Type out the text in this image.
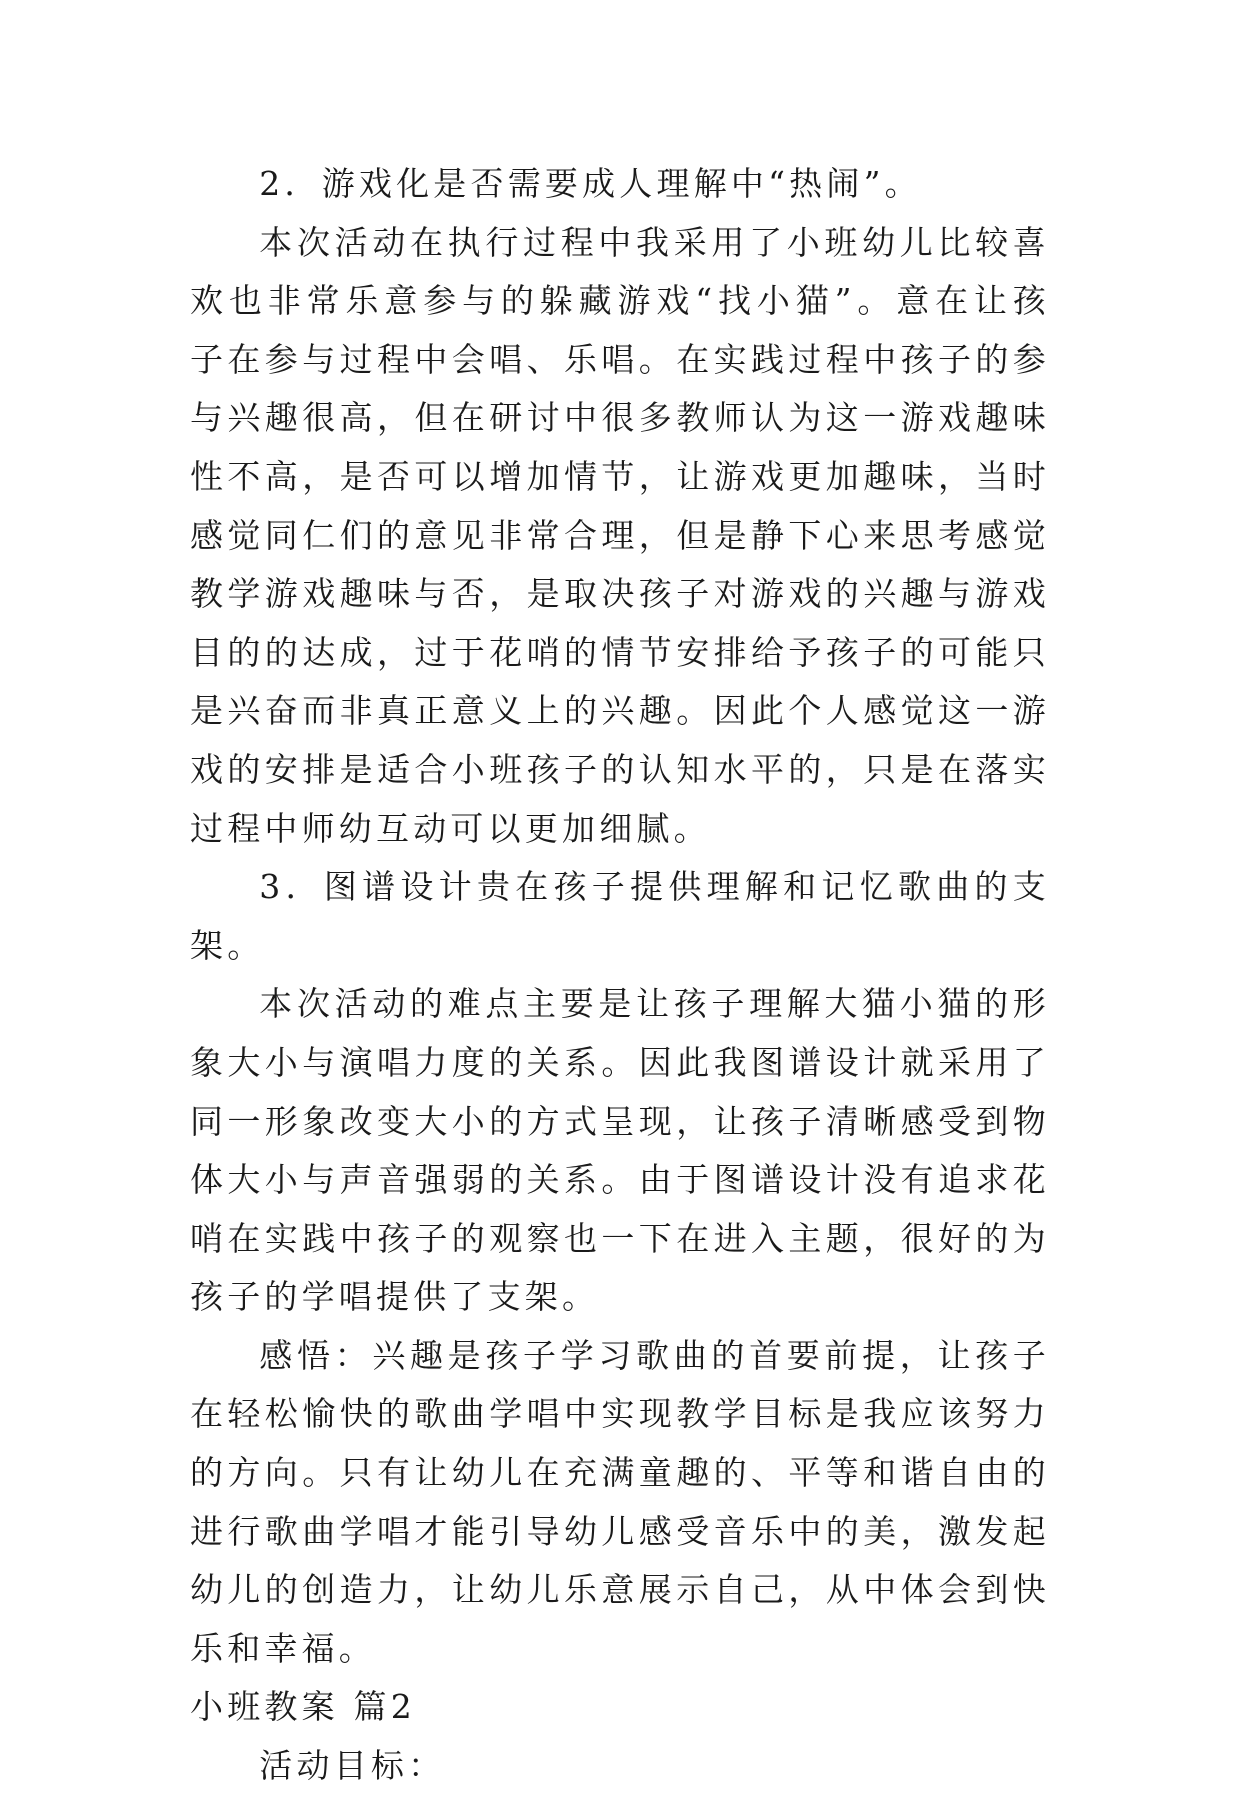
2．游戏化是否需要成人理解中“热闹”。

本次活动在执行过程中我采用了小班幼儿比较喜欢也非常乐意参与的躲藏游戏“找小猫”。意在让孩子在参与过程中会唱、乐唱。在实践过程中孩子的参与兴趣很高，但在研讨中很多教师认为这一游戏趣味性不高，是否可以增加情节，让游戏更加趣味，当时感觉同仁们的意见非常合理，但是静下心来思考感觉教学游戏趣味与否，是取决孩子对游戏的兴趣与游戏目的的达成，过于花哨的情节安排给予孩子的可能只是兴奋而非真正意义上的兴趣。因此个人感觉这一游戏的安排是适合小班孩子的认知水平的，只是在落实过程中师幼互动可以更加细腻。

3．图谱设计贵在孩子提供理解和记忆歌曲的支架。

本次活动的难点主要是让孩子理解大猫小猫的形象大小与演唱力度的关系。因此我图谱设计就采用了同一形象改变大小的方式呈现，让孩子清晰感受到物体大小与声音强弱的关系。由于图谱设计没有追求花哨在实践中孩子的观察也一下在进入主题，很好的为孩子的学唱提供了支架。

感悟：兴趣是孩子学习歌曲的首要前提，让孩子在轻松愉快的歌曲学唱中实现教学目标是我应该努力的方向。只有让幼儿在充满童趣的、平等和谐自由的进行歌曲学唱才能引导幼儿感受音乐中的美，激发起幼儿的创造力，让幼儿乐意展示自己，从中体会到快乐和幸福。

小班教案 篇2

活动目标：
